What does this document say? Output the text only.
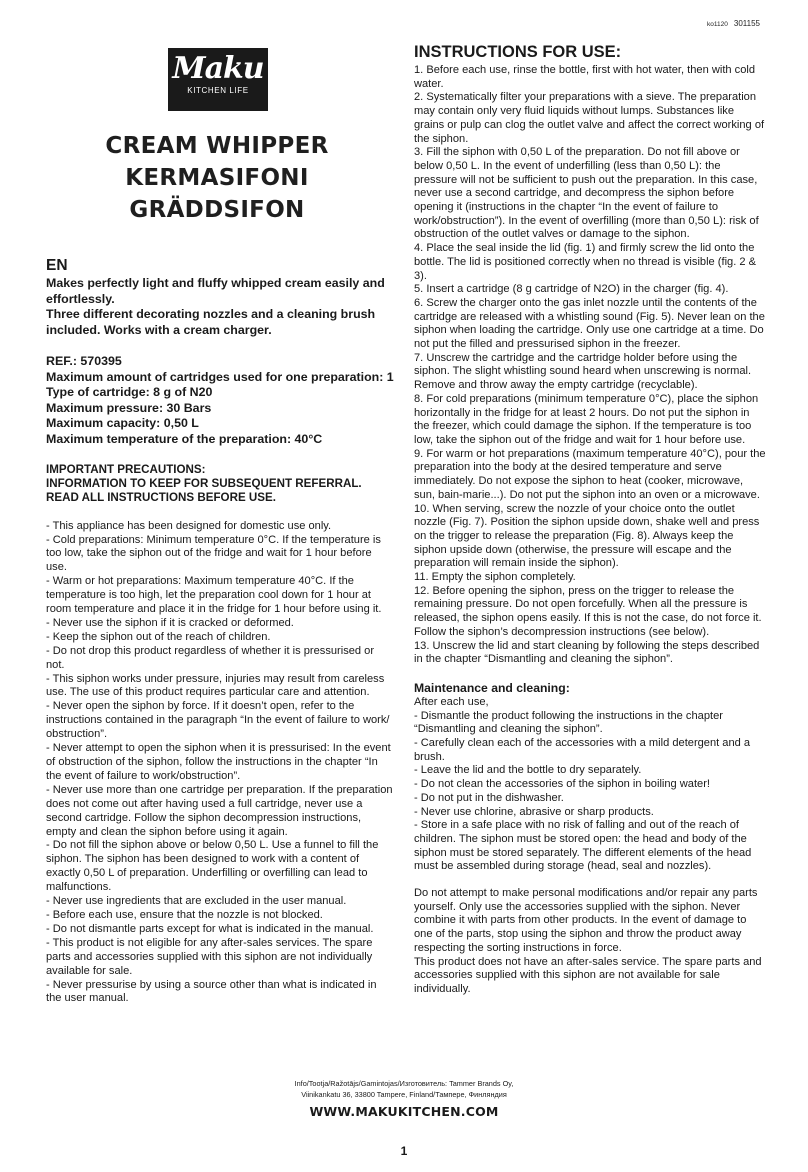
ko1120 301155
Maku
KITCHEN LIFE
CREAM WHIPPER
KERMASIFONI
GRÄDDSIFON
EN
Makes perfectly light and fluffy whipped cream easily and effortlessly.
Three different decorating nozzles and a cleaning brush included. Works with a cream charger.
REF.: 570395
Maximum amount of cartridges used for one preparation: 1
Type of cartridge: 8 g of N20
Maximum pressure: 30 Bars
Maximum capacity: 0,50 L
Maximum temperature of the preparation: 40°C
IMPORTANT PRECAUTIONS:
INFORMATION TO KEEP FOR SUBSEQUENT REFERRAL.
READ ALL INSTRUCTIONS BEFORE USE.

- This appliance has been designed for domestic use only.

- Cold preparations: Minimum temperature 0°C. If the temperature is too low, take the siphon out of the fridge and wait for 1 hour before use.

- Warm or hot preparations: Maximum temperature 40°C. If the temperature is too high, let the preparation cool down for 1 hour at room temperature and place it in the fridge for 1 hour before using it.

- Never use the siphon if it is cracked or deformed.

- Keep the siphon out of the reach of children.

- Do not drop this product regardless of whether it is pressurised or not.

- This siphon works under pressure, injuries may result from careless use. The use of this product requires particular care and attention.

- Never open the siphon by force. If it doesn’t open, refer to the instructions contained in the paragraph “In the event of failure to work/ obstruction”.

- Never attempt to open the siphon when it is pressurised: In the event of obstruction of the siphon, follow the instructions in the chapter “In the event of failure to work/obstruction”.

- Never use more than one cartridge per preparation. If the preparation does not come out after having used a full cartridge, never use a second cartridge. Follow the siphon decompression instructions, empty and clean the siphon before using it again.

- Do not fill the siphon above or below 0,50 L. Use a funnel to fill the siphon. The siphon has been designed to work with a content of exactly 0,50 L of preparation. Underfilling or overfilling can lead to malfunctions.

- Never use ingredients that are excluded in the user manual.

- Before each use, ensure that the nozzle is not blocked.

- Do not dismantle parts except for what is indicated in the manual.

- This product is not eligible for any after-sales services. The spare parts and accessories supplied with this siphon are not individually available for sale.

- Never pressurise by using a source other than what is indicated in the user manual.

INSTRUCTIONS FOR USE:

1. Before each use, rinse the bottle, first with hot water, then with cold water.

2. Systematically filter your preparations with a sieve. The preparation may contain only very fluid liquids without lumps. Substances like grains or pulp can clog the outlet valve and affect the correct working of the siphon.

3. Fill the siphon with 0,50 L of the preparation. Do not fill above or below 0,50 L. In the event of underfilling (less than 0,50 L): the pressure will not be sufficient to push out the preparation. In this case, never use a second cartridge, and decompress the siphon before opening it (instructions in the chapter “In the event of failure to work/obstruction”). In the event of overfilling (more than 0,50 L): risk of obstruction of the outlet valves or damage to the siphon.

4. Place the seal inside the lid (fig. 1) and firmly screw the lid onto the bottle. The lid is positioned correctly when no thread is visible (fig. 2 & 3).

5. Insert a cartridge (8 g cartridge of N2O) in the charger (fig. 4).

6. Screw the charger onto the gas inlet nozzle until the contents of the cartridge are released with a whistling sound (Fig. 5). Never lean on the siphon when loading the cartridge. Only use one cartridge at a time. Do not put the filled and pressurised siphon in the freezer.

7. Unscrew the cartridge and the cartridge holder before using the siphon. The slight whistling sound heard when unscrewing is normal. Remove and throw away the empty cartridge (recyclable).

8. For cold preparations (minimum temperature 0°C), place the siphon horizontally in the fridge for at least 2 hours. Do not put the siphon in the freezer, which could damage the siphon. If the temperature is too low, take the siphon out of the fridge and wait for 1 hour before use.

9. For warm or hot preparations (maximum temperature 40°C), pour the preparation into the body at the desired temperature and serve immediately. Do not expose the siphon to heat (cooker, microwave, sun, bain-marie...). Do not put the siphon into an oven or a microwave.

10. When serving, screw the nozzle of your choice onto the outlet nozzle (Fig. 7). Position the siphon upside down, shake well and press on the trigger to release the preparation (Fig. 8). Always keep the siphon upside down (otherwise, the pressure will escape and the preparation will remain inside the siphon).

11. Empty the siphon completely.

12. Before opening the siphon, press on the trigger to release the remaining pressure. Do not open forcefully. When all the pressure is released, the siphon opens easily. If this is not the case, do not force it. Follow the siphon’s decompression instructions (see below).

13. Unscrew the lid and start cleaning by following the steps described in the chapter “Dismantling and cleaning the siphon”.

Maintenance and cleaning:

After each use,

- Dismantle the product following the instructions in the chapter “Dismantling and cleaning the siphon”.

- Carefully clean each of the accessories with a mild detergent and a brush.

- Leave the lid and the bottle to dry separately.

- Do not clean the accessories of the siphon in boiling water!

- Do not put in the dishwasher.

- Never use chlorine, abrasive or sharp products.

- Store in a safe place with no risk of falling and out of the reach of children. The siphon must be stored open: the head and body of the siphon must be stored separately. The different elements of the head must be assembled during storage (head, seal and nozzles).

Do not attempt to make personal modifications and/or repair any parts yourself. Only use the accessories supplied with the siphon. Never combine it with parts from other products. In the event of damage to one of the parts, stop using the siphon and throw the product away respecting the sorting instructions in force.

This product does not have an after-sales service. The spare parts and accessories supplied with this siphon are not available for sale individually.

Info/Tootja/Ražotājs/Gamintojas/Изготовитель: Tammer Brands Oy,
Viinikankatu 36, 33800 Tampere, Finland/Тампере, Финляндия
WWW.MAKUKITCHEN.COM
1
